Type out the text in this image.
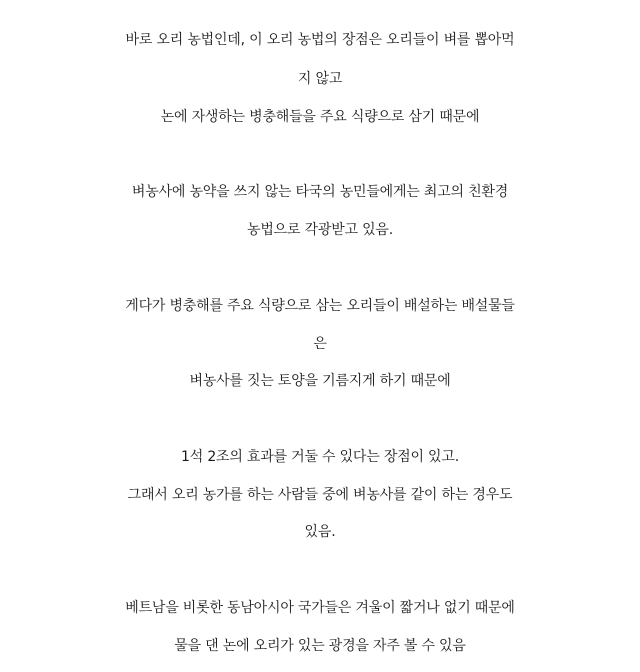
바로 오리 농법인데, 이 오리 농법의 장점은 오리들이 벼를 뽑아먹
지 않고
논에 자생하는 병충해들을 주요 식량으로 삼기 때문에
벼농사에 농약을 쓰지 않는 타국의 농민들에게는 최고의 친환경
농법으로 각광받고 있음.
게다가 병충해를 주요 식량으로 삼는 오리들이 배설하는 배설물들
은
벼농사를 짓는 토양을 기름지게 하기 때문에
1석 2조의 효과를 거둘 수 있다는 장점이 있고.
그래서 오리 농가를 하는 사람들 중에 벼농사를 같이 하는 경우도
있음.
베트남을 비롯한 동남아시아 국가들은 겨울이 짧거나 없기 때문에
물을 댄 논에 오리가 있는 광경을 자주 볼 수 있음
